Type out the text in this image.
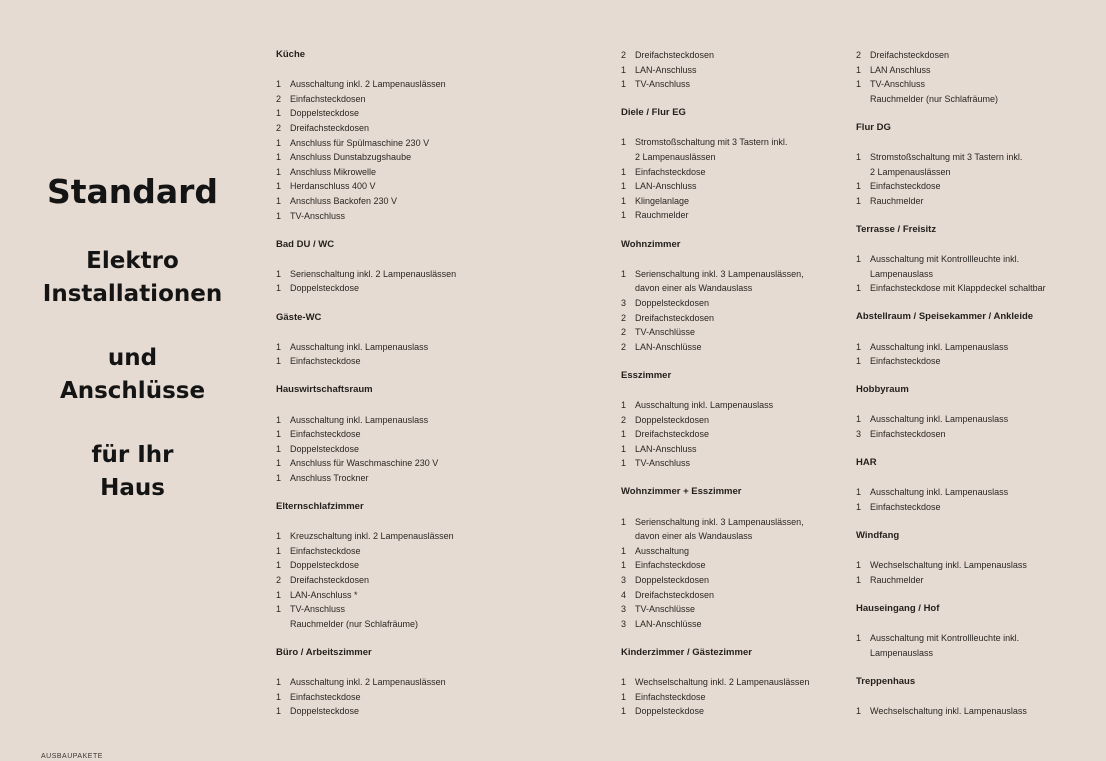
Standard
Elektro
Installationen
und
Anschlüsse
für Ihr
Haus
Küche
1 Ausschaltung inkl. 2 Lampenauslässen
2 Einfachsteckdosen
1 Doppelsteckdose
2 Dreifachsteckdosen
1 Anschluss für Spülmaschine 230 V
1 Anschluss Dunstabzugshaube
1 Anschluss Mikrowelle
1 Herdanschluss 400 V
1 Anschluss Backofen 230 V
1 TV-Anschluss
Bad DU / WC
1 Serienschaltung inkl. 2 Lampenauslässen
1 Doppelsteckdose
Gäste-WC
1 Ausschaltung inkl. Lampenauslass
1 Einfachsteckdose
Hauswirtschaftsraum
1 Ausschaltung inkl. Lampenauslass
1 Einfachsteckdose
1 Doppelsteckdose
1 Anschluss für Waschmaschine 230 V
1 Anschluss Trockner
Elternschlafzimmer
1 Kreuzschaltung inkl. 2 Lampenauslässen
1 Einfachsteckdose
1 Doppelsteckdose
2 Dreifachsteckdosen
1 LAN-Anschluss *
1 TV-Anschluss
Rauchmelder (nur Schlafräume)
Büro / Arbeitszimmer
1 Ausschaltung inkl. 2 Lampenauslässen
1 Einfachsteckdose
1 Doppelsteckdose
2 Dreifachsteckdosen
1 LAN-Anschluss
1 TV-Anschluss
Diele / Flur EG
1 Stromstoßschaltung mit 3 Tastern inkl.
2 Lampenauslässen
1 Einfachsteckdose
1 LAN-Anschluss
1 Klingelanlage
1 Rauchmelder
Wohnzimmer
1 Serienschaltung inkl. 3 Lampenauslässen,
davon einer als Wandauslass
3 Doppelsteckdosen
2 Dreifachsteckdosen
2 TV-Anschlüsse
2 LAN-Anschlüsse
Esszimmer
1 Ausschaltung inkl. Lampenauslass
2 Doppelsteckdosen
1 Dreifachsteckdose
1 LAN-Anschluss
1 TV-Anschluss
Wohnzimmer + Esszimmer
1 Serienschaltung inkl. 3 Lampenauslässen,
davon einer als Wandauslass
1 Ausschaltung
1 Einfachsteckdose
3 Doppelsteckdosen
4 Dreifachsteckdosen
3 TV-Anschlüsse
3 LAN-Anschlüsse
Kinderzimmer / Gästezimmer
1 Wechselschaltung inkl. 2 Lampenauslässen
1 Einfachsteckdose
1 Doppelsteckdose
2 Dreifachsteckdosen
1 LAN Anschluss
1 TV-Anschluss
Rauchmelder (nur Schlafräume)
Flur DG
1 Stromstoßschaltung mit 3 Tastern inkl.
2 Lampenauslässen
1 Einfachsteckdose
1 Rauchmelder
Terrasse / Freisitz
1 Ausschaltung mit Kontrollleuchte inkl.
Lampenauslass
1 Einfachsteckdose mit Klappdeckel schaltbar
Abstellraum / Speisekammer / Ankleide
1 Ausschaltung inkl. Lampenauslass
1 Einfachsteckdose
Hobbyraum
1 Ausschaltung inkl. Lampenauslass
3 Einfachsteckdosen
HAR
1 Ausschaltung inkl. Lampenauslass
1 Einfachsteckdose
Windfang
1 Wechselschaltung inkl. Lampenauslass
1 Rauchmelder
Hauseingang / Hof
1 Ausschaltung mit Kontrollleuchte inkl.
Lampenauslass
Treppenhaus
1 Wechselschaltung inkl. Lampenauslass
AUSBAUPAKETE
